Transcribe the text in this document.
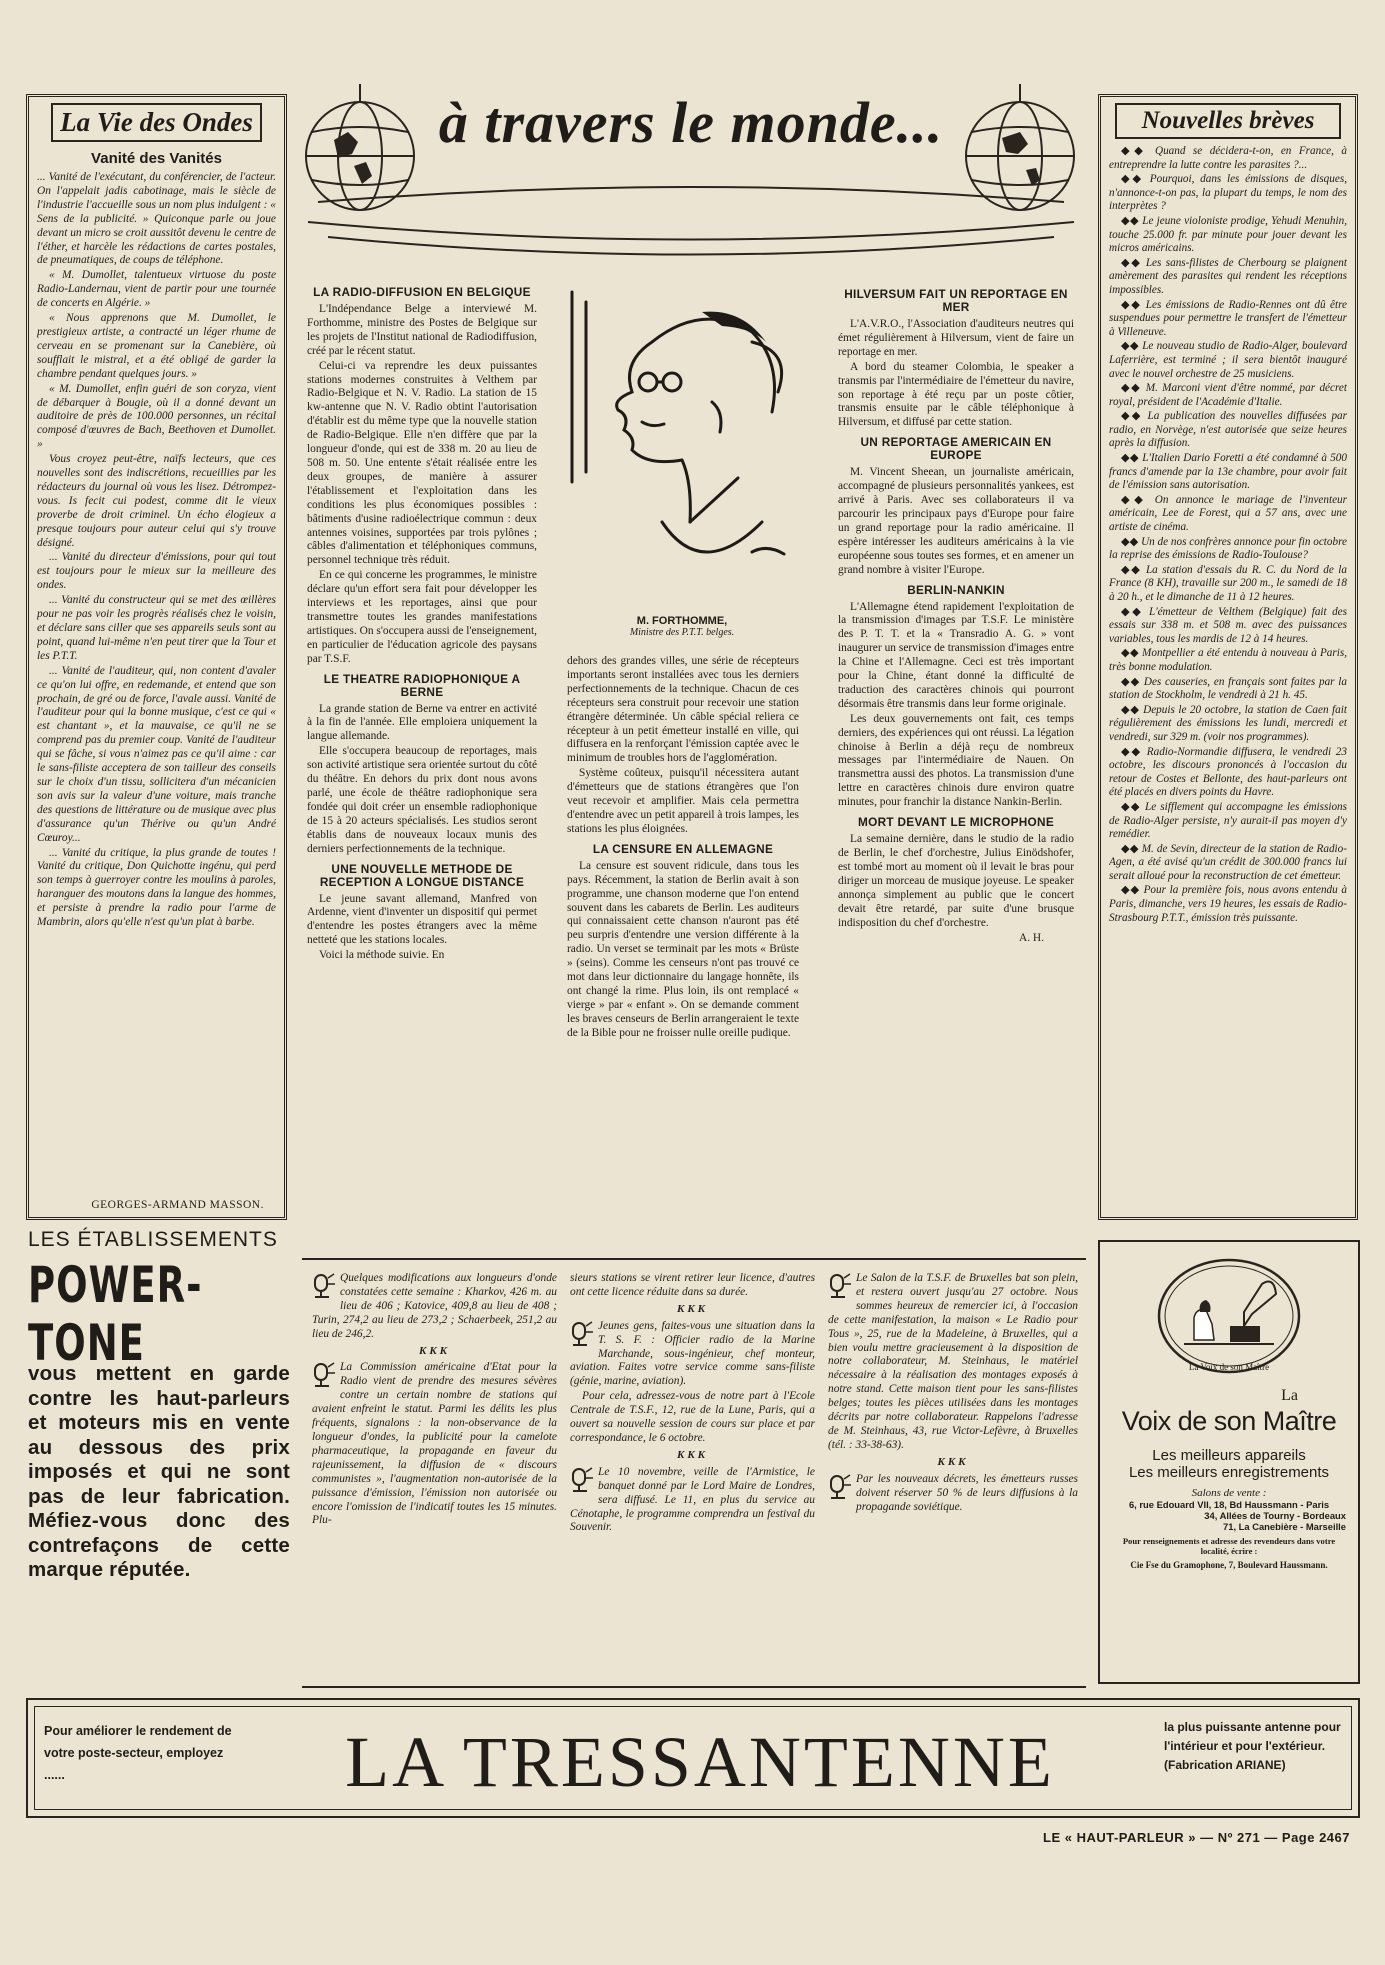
La Vie des Ondes
Vanité des Vanités

... Vanité de l'exécutant, du conférencier, de l'acteur. On l'appelait jadis cabotinage, mais le siècle de l'industrie l'accueille sous un nom plus indulgent : « Sens de la publicité. » Quiconque parle ou joue devant un micro se croit aussitôt devenu le centre de l'éther, et harcèle les rédactions de cartes postales, de pneumatiques, de coups de téléphone.

« M. Dumollet, talentueux virtuose du poste Radio-Landernau, vient de partir pour une tournée de concerts en Algérie. »

« Nous apprenons que M. Dumollet, le prestigieux artiste, a contracté un léger rhume de cerveau en se promenant sur la Canebière, où soufflait le mistral, et a été obligé de garder la chambre pendant quelques jours. »

« M. Dumollet, enfin guéri de son coryza, vient de débarquer à Bougie, où il a donné devant un auditoire de près de 100.000 personnes, un récital composé d'œuvres de Bach, Beethoven et Dumollet. »

Vous croyez peut-être, naïfs lecteurs, que ces nouvelles sont des indiscrétions, recueillies par les rédacteurs du journal où vous les lisez. Détrompez-vous. Is fecit cui podest, comme dit le vieux proverbe de droit criminel. Un écho élogieux a presque toujours pour auteur celui qui s'y trouve désigné.

... Vanité du directeur d'émissions, pour qui tout est toujours pour le mieux sur la meilleure des ondes.

... Vanité du constructeur qui se met des œillères pour ne pas voir les progrès réalisés chez le voisin, et déclare sans ciller que ses appareils seuls sont au point, quand lui-même n'en peut tirer que la Tour et les P.T.T.

... Vanité de l'auditeur, qui, non content d'avaler ce qu'on lui offre, en redemande, et entend que son prochain, de gré ou de force, l'avale aussi. Vanité de l'auditeur pour qui la bonne musique, c'est ce qui « est chantant », et la mauvaise, ce qu'il ne se comprend pas du premier coup. Vanité de l'auditeur qui se fâche, si vous n'aimez pas ce qu'il aime : car le sans-filiste acceptera de son tailleur des conseils sur le choix d'un tissu, sollicitera d'un mécanicien son avis sur la valeur d'une voiture, mais tranche des questions de littérature ou de musique avec plus d'assurance qu'un Thérive ou qu'un André Cœuroy...

... Vanité du critique, la plus grande de toutes ! Vanité du critique, Don Quichotte ingénu, qui perd son temps à guerroyer contre les moulins à paroles, haranguer des moutons dans la langue des hommes, et persiste à prendre la radio pour l'arme de Mambrin, alors qu'elle n'est qu'un plat à barbe.

GEORGES-ARMAND MASSON.
LES ÉTABLISSEMENTS
POWER-TONE
vous mettent en garde contre les haut-parleurs et moteurs mis en vente au dessous des prix imposés et qui ne sont pas de leur fabrication. Méfiez-vous donc des contrefaçons de cette marque réputée.
à travers le monde...
LA RADIO-DIFFUSION EN BELGIQUE

L'Indépendance Belge a interviewé M. Forthomme, ministre des Postes de Belgique sur les projets de l'Institut national de Radiodiffusion, créé par le récent statut.

Celui-ci va reprendre les deux puissantes stations modernes construites à Velthem par Radio-Belgique et N. V. Radio. La station de 15 kw-antenne que N. V. Radio obtint l'autorisation d'établir est du même type que la nouvelle station de Radio-Belgique. Elle n'en diffère que par la longueur d'onde, qui est de 338 m. 20 au lieu de 508 m. 50. Une entente s'était réalisée entre les deux groupes, de manière à assurer l'établissement et l'exploitation dans les conditions les plus économiques possibles : bâtiments d'usine radioélectrique commun : deux antennes voisines, supportées par trois pylônes ; câbles d'alimentation et téléphoniques communs, personnel technique très réduit.

En ce qui concerne les programmes, le ministre déclare qu'un effort sera fait pour développer les interviews et les reportages, ainsi que pour transmettre toutes les grandes manifestations artistiques. On s'occupera aussi de l'enseignement, en particulier de l'éducation agricole des paysans par T.S.F.

LE THEATRE RADIOPHONIQUE A BERNE

La grande station de Berne va entrer en activité à la fin de l'année. Elle emploiera uniquement la langue allemande.

Elle s'occupera beaucoup de reportages, mais son activité artistique sera orientée surtout du côté du théâtre. En dehors du prix dont nous avons parlé, une école de théâtre radiophonique sera fondée qui doit créer un ensemble radiophonique de 15 à 20 acteurs spécialisés. Les studios seront établis dans de nouveaux locaux munis des derniers perfectionnements de la technique.

UNE NOUVELLE METHODE DE RECEPTION A LONGUE DISTANCE

Le jeune savant allemand, Manfred von Ardenne, vient d'inventer un dispositif qui permet d'entendre les postes étrangers avec la même netteté que les stations locales.

Voici la méthode suivie. En

M. FORTHOMME,
Ministre des P.T.T. belges.

dehors des grandes villes, une série de récepteurs importants seront installées avec tous les derniers perfectionnements de la technique. Chacun de ces récepteurs sera construit pour recevoir une station étrangère déterminée. Un câble spécial reliera ce récepteur à un petit émetteur installé en ville, qui diffusera en la renforçant l'émission captée avec le minimum de troubles hors de l'agglomération.

Système coûteux, puisqu'il nécessitera autant d'émetteurs que de stations étrangères que l'on veut recevoir et amplifier. Mais cela permettra d'entendre avec un petit appareil à trois lampes, les stations les plus éloignées.

LA CENSURE EN ALLEMAGNE

La censure est souvent ridicule, dans tous les pays. Récemment, la station de Berlin avait à son programme, une chanson moderne que l'on entend souvent dans les cabarets de Berlin. Les auditeurs qui connaissaient cette chanson n'auront pas été peu surpris d'entendre une version différente à la radio. Un verset se terminait par les mots « Brüste » (seins). Comme les censeurs n'ont pas trouvé ce mot dans leur dictionnaire du langage honnête, ils ont changé la rime. Plus loin, ils ont remplacé « vierge » par « enfant ». On se demande comment les braves censeurs de Berlin arrangeraient le texte de la Bible pour ne froisser nulle oreille pudique.

HILVERSUM FAIT UN REPORTAGE EN MER

L'A.V.R.O., l'Association d'auditeurs neutres qui émet régulièrement à Hilversum, vient de faire un reportage en mer.

A bord du steamer Colombia, le speaker a transmis par l'intermédiaire de l'émetteur du navire, son reportage à été reçu par un poste côtier, transmis ensuite par le câble téléphonique à Hilversum, et diffusé par cette station.

UN REPORTAGE AMERICAIN EN EUROPE

M. Vincent Sheean, un journaliste américain, accompagné de plusieurs personnalités yankees, est arrivé à Paris. Avec ses collaborateurs il va parcourir les principaux pays d'Europe pour faire un grand reportage pour la radio américaine. Il espère intéresser les auditeurs américains à la vie européenne sous toutes ses formes, et en amener un grand nombre à visiter l'Europe.

BERLIN-NANKIN

L'Allemagne étend rapidement l'exploitation de la transmission d'images par T.S.F. Le ministère des P. T. T. et la « Transradio A. G. » vont inaugurer un service de transmission d'images entre la Chine et l'Allemagne. Ceci est très important pour la Chine, étant donné la difficulté de traduction des caractères chinois qui pourront désormais être transmis dans leur forme originale.

Les deux gouvernements ont fait, ces temps derniers, des expériences qui ont réussi. La légation chinoise à Berlin a déjà reçu de nombreux messages par l'intermédiaire de Nauen. On transmettra aussi des photos. La transmission d'une lettre en caractères chinois dure environ quatre minutes, pour franchir la distance Nankin-Berlin.

MORT DEVANT LE MICROPHONE

La semaine dernière, dans le studio de la radio de Berlin, le chef d'orchestre, Julius Einödshofer, est tombé mort au moment où il levait le bras pour diriger un morceau de musique joyeuse. Le speaker annonça simplement au public que le concert devait être retardé, par suite d'une brusque indisposition du chef d'orchestre.

A. H.
Nouvelles brèves

◆◆ Quand se décidera-t-on, en France, à entreprendre la lutte contre les parasites ?...

◆◆ Pourquoi, dans les émissions de disques, n'annonce-t-on pas, la plupart du temps, le nom des interprètes ?

◆◆ Le jeune violoniste prodige, Yehudi Menuhin, touche 25.000 fr. par minute pour jouer devant les micros américains.

◆◆ Les sans-filistes de Cherbourg se plaignent amèrement des parasites qui rendent les réceptions impossibles.

◆◆ Les émissions de Radio-Rennes ont dû être suspendues pour permettre le transfert de l'émetteur à Villeneuve.

◆◆ Le nouveau studio de Radio-Alger, boulevard Laferrière, est terminé ; il sera bientôt inauguré avec le nouvel orchestre de 25 musiciens.

◆◆ M. Marconi vient d'être nommé, par décret royal, président de l'Académie d'Italie.

◆◆ La publication des nouvelles diffusées par radio, en Norvège, n'est autorisée que seize heures après la diffusion.

◆◆ L'Italien Dario Foretti a été condamné à 500 francs d'amende par la 13e chambre, pour avoir fait de l'émission sans autorisation.

◆◆ On annonce le mariage de l'inventeur américain, Lee de Forest, qui a 57 ans, avec une artiste de cinéma.

◆◆ Un de nos confrères annonce pour fin octobre la reprise des émissions de Radio-Toulouse?

◆◆ La station d'essais du R. C. du Nord de la France (8 KH), travaille sur 200 m., le samedi de 18 à 20 h., et le dimanche de 11 à 12 heures.

◆◆ L'émetteur de Velthem (Belgique) fait des essais sur 338 m. et 508 m. avec des puissances variables, tous les mardis de 12 à 14 heures.

◆◆ Montpellier a été entendu à nouveau à Paris, très bonne modulation.

◆◆ Des causeries, en français sont faites par la station de Stockholm, le vendredi à 21 h. 45.

◆◆ Depuis le 20 octobre, la station de Caen fait régulièrement des émissions les lundi, mercredi et vendredi, sur 329 m. (voir nos programmes).

◆◆ Radio-Normandie diffusera, le vendredi 23 octobre, les discours prononcés à l'occasion du retour de Costes et Bellonte, des haut-parleurs ont été placés en divers points du Havre.

◆◆ Le sifflement qui accompagne les émissions de Radio-Alger persiste, n'y aurait-il pas moyen d'y remédier.

◆◆ M. de Sevin, directeur de la station de Radio-Agen, a été avisé qu'un crédit de 300.000 francs lui serait alloué pour la reconstruction de cet émetteur.

◆◆ Pour la première fois, nous avons entendu à Paris, dimanche, vers 19 heures, les essais de Radio-Strasbourg P.T.T., émission très puissante.

Quelques modifications aux longueurs d'onde constatées cette semaine : Kharkov, 426 m. au lieu de 406 ; Katovice, 409,8 au lieu de 408 ; Turin, 274,2 au lieu de 273,2 ; Schaerbeek, 251,2 au lieu de 246,2.

KKK

La Commission américaine d'Etat pour la Radio vient de prendre des mesures sévères contre un certain nombre de stations qui avaient enfreint le statut. Parmi les délits les plus fréquents, signalons : la non-observance de la longueur d'ondes, la publicité pour la camelote pharmaceutique, la propagande en faveur du rajeunissement, la diffusion de « discours communistes », l'augmentation non-autorisée de la puissance d'émission, l'émission non autorisée ou encore l'omission de l'indicatif toutes les 15 minutes. Plu-

sieurs stations se virent retirer leur licence, d'autres ont cette licence réduite dans sa durée.

KKK

Jeunes gens, faites-vous une situation dans la T. S. F. : Officier radio de la Marine Marchande, sous-ingénieur, chef monteur, aviation. Faites votre service comme sans-filiste (génie, marine, aviation).

Pour cela, adressez-vous de notre part à l'Ecole Centrale de T.S.F., 12, rue de la Lune, Paris, qui a ouvert sa nouvelle session de cours sur place et par correspondance, le 6 octobre.

KKK

Le 10 novembre, veille de l'Armistice, le banquet donné par le Lord Maire de Londres, sera diffusé. Le 11, en plus du service au Cénotaphe, le programme comprendra un festival du Souvenir.

Le Salon de la T.S.F. de Bruxelles bat son plein, et restera ouvert jusqu'au 27 octobre. Nous sommes heureux de remercier ici, à l'occasion de cette manifestation, la maison « Le Radio pour Tous », 25, rue de la Madeleine, à Bruxelles, qui a bien voulu mettre gracieusement à la disposition de notre collaborateur, M. Steinhaus, le matériel nécessaire à la réalisation des montages exposés à notre stand. Cette maison tient pour les sans-filistes belges; toutes les pièces utilisées dans les montages décrits par notre collaborateur. Rappelons l'adresse de M. Steinhaus, 43, rue Victor-Lefèvre, à Bruxelles (tél. : 33-38-63).

KKK

Par les nouveaux décrets, les émetteurs russes doivent réserver 50 % de leurs diffusions à la propagande soviétique.

La Voix de son Maître
La
Voix de son Maître
Les meilleurs appareils
Les meilleurs enregistrements
Salons de vente :
6, rue Edouard VII, 18, Bd Haussmann - Paris
34, Allées de Tourny - Bordeaux
71, La Canebière - Marseille
Pour renseignements et adresse des revendeurs dans votre localité, écrire :
Cie Fse du Gramophone, 7, Boulevard Haussmann.
Pour améliorer le rendement de votre poste-secteur, employez ......	LA TRESSANTENNE	la plus puissante antenne pour l'intérieur et pour l'extérieur. (Fabrication ARIANE)
LE « HAUT-PARLEUR » — Nº 271 — Page 2467
